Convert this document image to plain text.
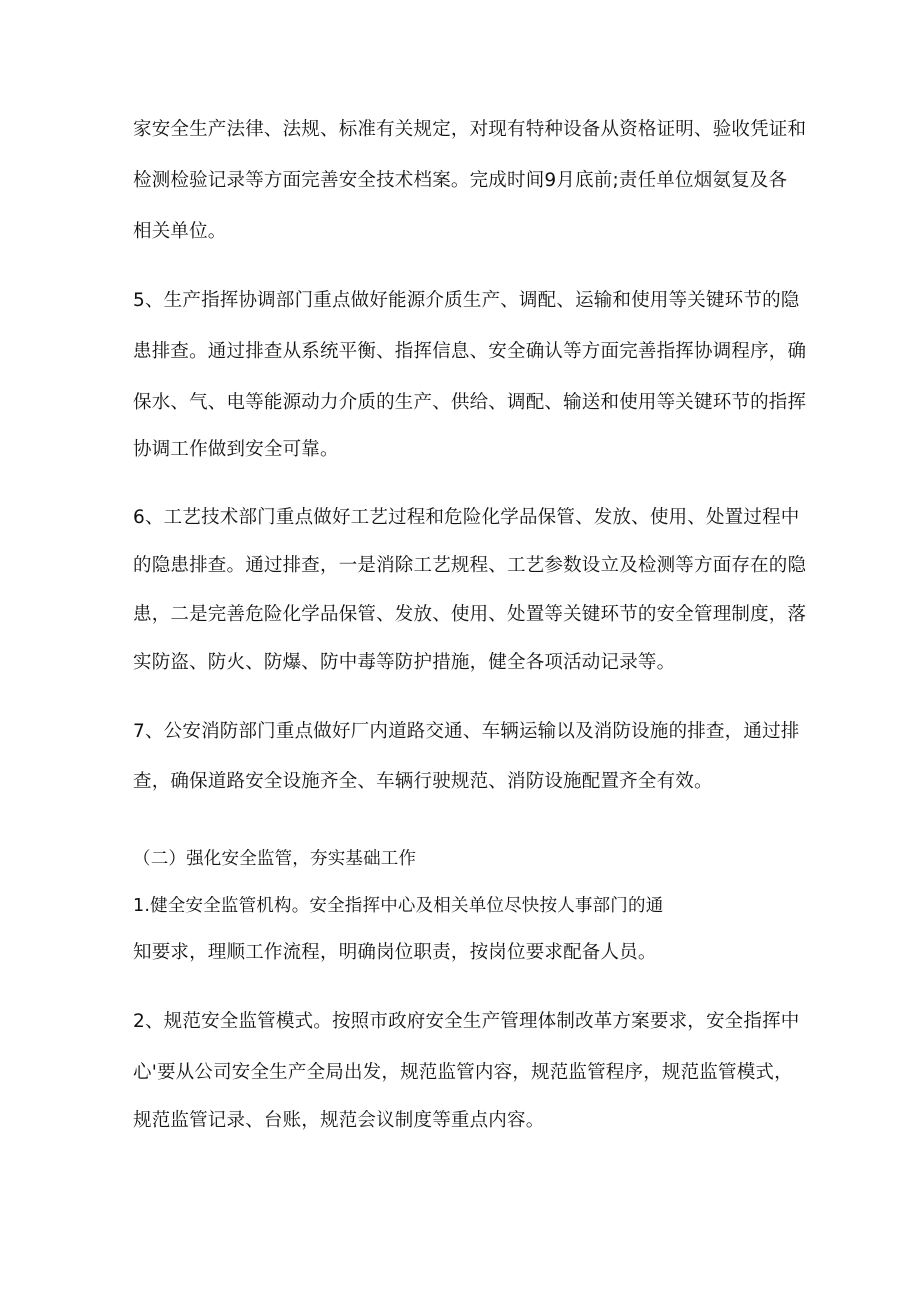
家安全生产法律、法规、标准有关规定，对现有特种设备从资格证明、验收凭证和
检测检验记录等方面完善安全技术档案。完成时间9月底前;责任单位烟氨复及各
相关单位。
5、生产指挥协调部门重点做好能源介质生产、调配、运输和使用等关键环节的隐
患排查。通过排查从系统平衡、指挥信息、安全确认等方面完善指挥协调程序，确
保水、气、电等能源动力介质的生产、供给、调配、输送和使用等关键环节的指挥
协调工作做到安全可靠。
6、工艺技术部门重点做好工艺过程和危险化学品保管、发放、使用、处置过程中
的隐患排查。通过排查，一是消除工艺规程、工艺参数设立及检测等方面存在的隐
患，二是完善危险化学品保管、发放、使用、处置等关键环节的安全管理制度，落
实防盗、防火、防爆、防中毒等防护措施，健全各项活动记录等。
7、公安消防部门重点做好厂内道路交通、车辆运输以及消防设施的排查，通过排
查，确保道路安全设施齐全、车辆行驶规范、消防设施配置齐全有效。
（二）强化安全监管，夯实基础工作
1.健全安全监管机构。安全指挥中心及相关单位尽快按人事部门的通
知要求，理顺工作流程，明确岗位职责，按岗位要求配备人员。
2、规范安全监管模式。按照市政府安全生产管理体制改革方案要求，安全指挥中
心'要从公司安全生产全局出发，规范监管内容，规范监管程序，规范监管模式，
规范监管记录、台账，规范会议制度等重点内容。
